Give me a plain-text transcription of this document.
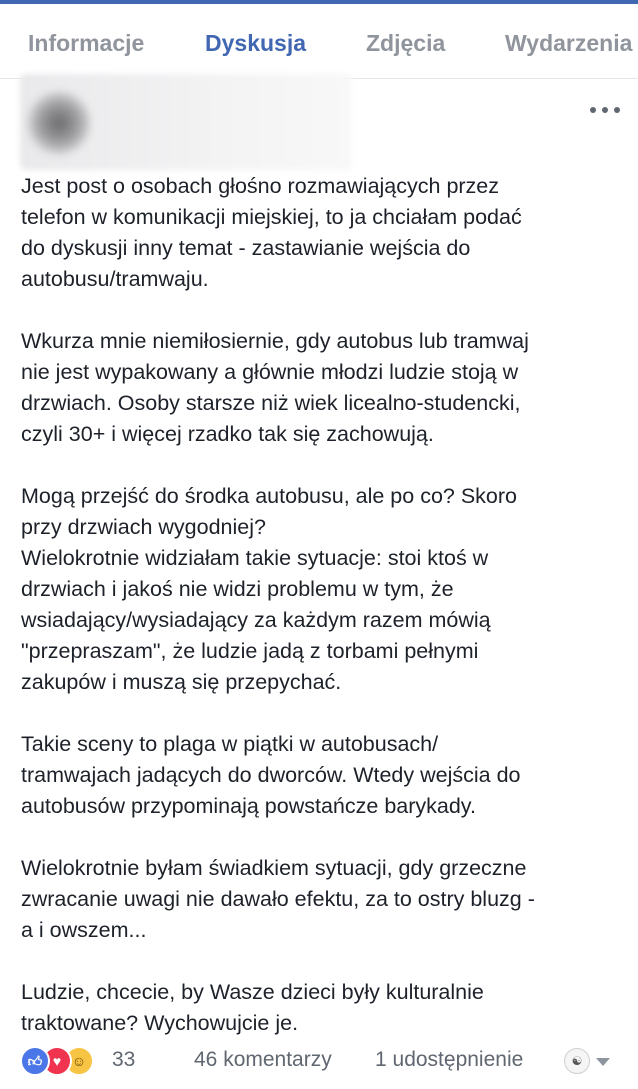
Informacje	Dyskusja	Zdjęcia	Wydarzenia

Jest post o osobach głośno rozmawiających przez
telefon w komunikacji miejskiej, to ja chciałam podać
do dyskusji inny temat - zastawianie wejścia do
autobusu/tramwaju.

Wkurza mnie niemiłosiernie, gdy autobus lub tramwaj
nie jest wypakowany a głównie młodzi ludzie stoją w
drzwiach. Osoby starsze niż wiek licealno-studencki,
czyli 30+ i więcej rzadko tak się zachowują.

Mogą przejść do środka autobusu, ale po co? Skoro
przy drzwiach wygodniej?
Wielokrotnie widziałam takie sytuacje: stoi ktoś w
drzwiach i jakoś nie widzi problemu w tym, że
wsiadający/wysiadający za każdym razem mówią
"przepraszam", że ludzie jadą z torbami pełnymi
zakupów i muszą się przepychać.

Takie sceny to plaga w piątki w autobusach/
tramwajach jadących do dworców. Wtedy wejścia do
autobusów przypominają powstańcze barykady.

Wielokrotnie byłam świadkiem sytuacji, gdy grzeczne
zwracanie uwagi nie dawało efektu, za to ostry bluzg -
a i owszem...

Ludzie, chcecie, by Wasze dzieci były kulturalnie
traktowane? Wychowujcie je.

👍︎ ♥ ☺	33	46 komentarzy 1 udostępnienie	☯
